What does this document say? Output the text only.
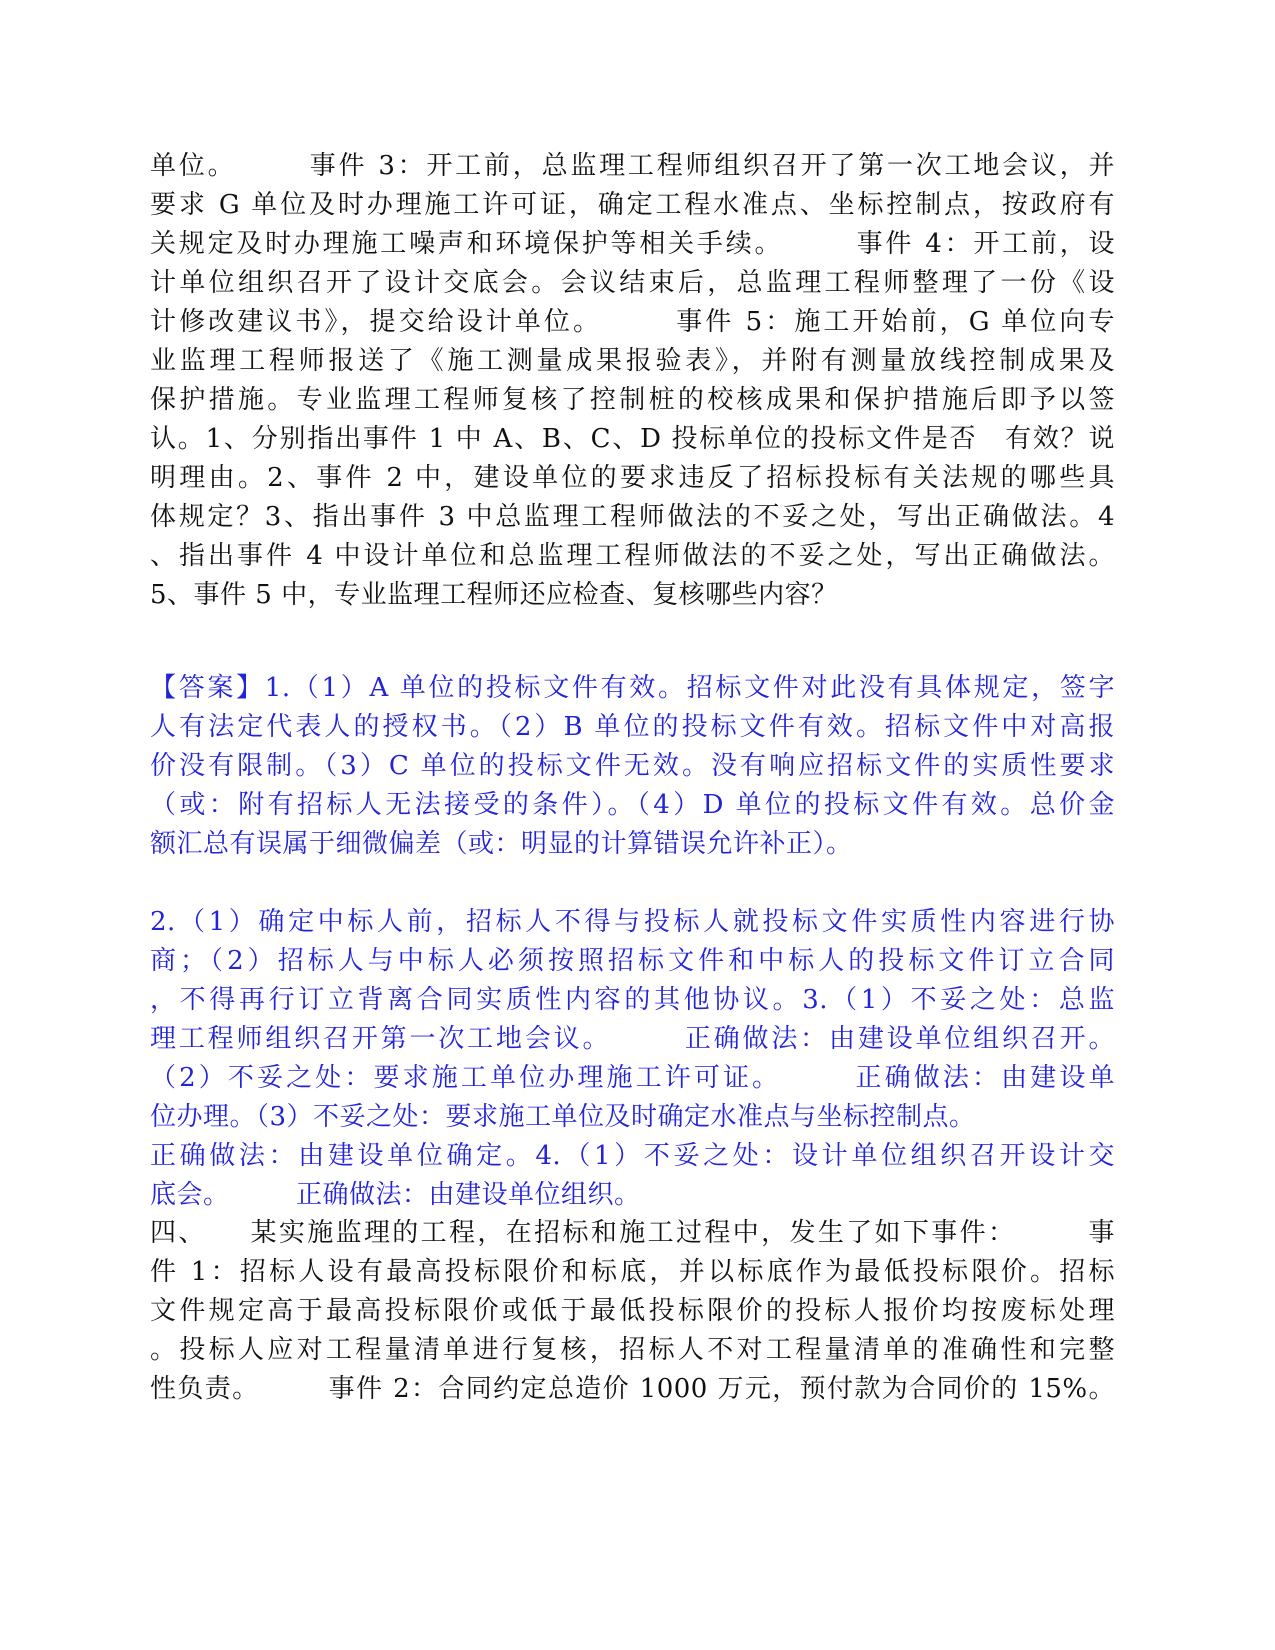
单位。　　　事件 3：开工前，总监理工程师组织召开了第一次工地会议，并
要求 G 单位及时办理施工许可证，确定工程水准点、坐标控制点，按政府有
关规定及时办理施工噪声和环境保护等相关手续。　　　事件 4：开工前，设
计单位组织召开了设计交底会。会议结束后，总监理工程师整理了一份《设
计修改建议书》，提交给设计单位。　　　事件 5：施工开始前，G 单位向专
业监理工程师报送了《施工测量成果报验表》，并附有测量放线控制成果及
保护措施。专业监理工程师复核了控制桩的校核成果和保护措施后即予以签
认。1、分别指出事件 1 中 A、B、C、D 投标单位的投标文件是否　有效？说
明理由。2、事件 2 中，建设单位的要求违反了招标投标有关法规的哪些具
体规定？3、指出事件 3 中总监理工程师做法的不妥之处，写出正确做法。4
、指出事件 4 中设计单位和总监理工程师做法的不妥之处，写出正确做法。
5、事件 5 中，专业监理工程师还应检查、复核哪些内容？
【答案】1.（1）A 单位的投标文件有效。招标文件对此没有具体规定，签字
人有法定代表人的授权书。（2）B 单位的投标文件有效。招标文件中对高报
价没有限制。（3）C 单位的投标文件无效。没有响应招标文件的实质性要求
（或：附有招标人无法接受的条件）。（4）D 单位的投标文件有效。总价金
额汇总有误属于细微偏差（或：明显的计算错误允许补正）。
2.（1）确定中标人前，招标人不得与投标人就投标文件实质性内容进行协
商；（2）招标人与中标人必须按照招标文件和中标人的投标文件订立合同
，不得再行订立背离合同实质性内容的其他协议。3.（1）不妥之处：总监
理工程师组织召开第一次工地会议。　　　正确做法：由建设单位组织召开。
（2）不妥之处：要求施工单位办理施工许可证。　　　正确做法：由建设单
位办理。（3）不妥之处：要求施工单位及时确定水准点与坐标控制点。
正确做法：由建设单位确定。4.（1）不妥之处：设计单位组织召开设计交
底会。　　　正确做法：由建设单位组织。
四、　　某实施监理的工程，在招标和施工过程中，发生了如下事件：　　　事
件 1：招标人设有最高投标限价和标底，并以标底作为最低投标限价。招标
文件规定高于最高投标限价或低于最低投标限价的投标人报价均按废标处理
。投标人应对工程量清单进行复核，招标人不对工程量清单的准确性和完整
性负责。　　　事件 2：合同约定总造价 1000 万元，预付款为合同价的 15%。
